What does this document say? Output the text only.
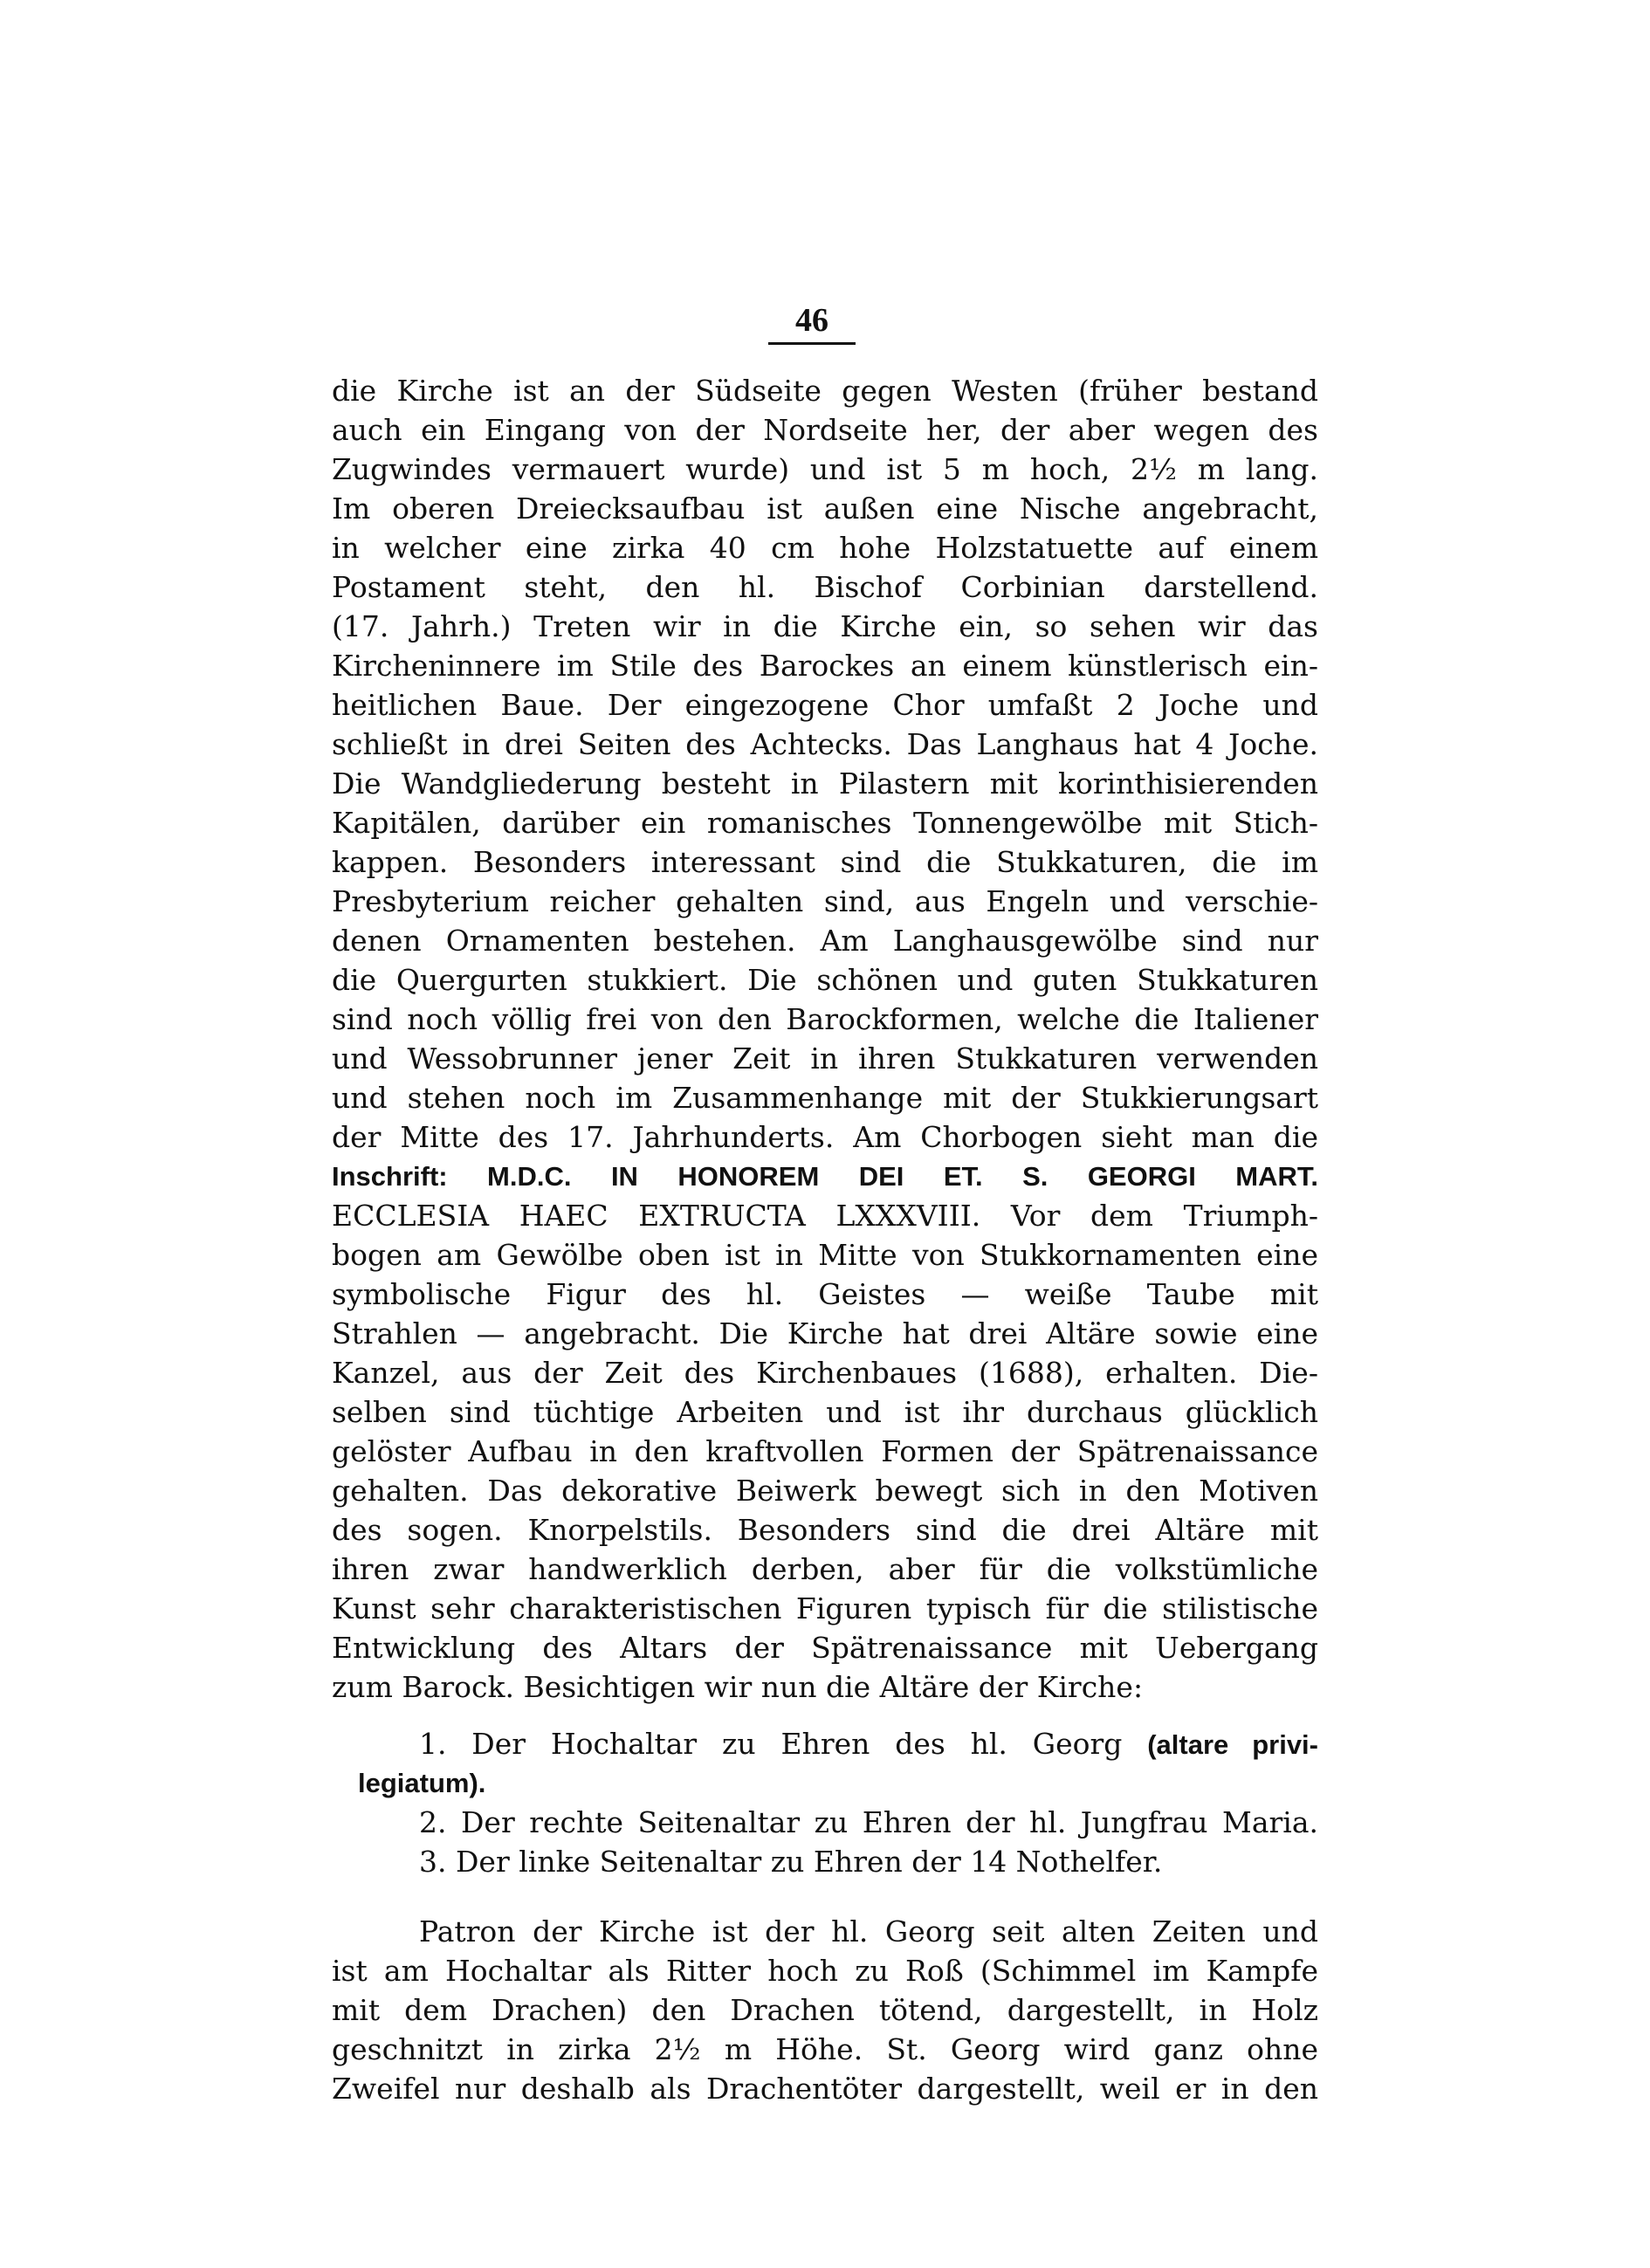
46
die Kirche ist an der Südseite gegen Westen (früher bestand
auch ein Eingang von der Nordseite her, der aber wegen des
Zugwindes vermauert wurde) und ist 5 m hoch, 2½ m lang.
Im oberen Dreiecksaufbau ist außen eine Nische angebracht,
in welcher eine zirka 40 cm hohe Holzstatuette auf einem
Postament steht, den hl. Bischof Corbinian darstellend.
(17. Jahrh.) Treten wir in die Kirche ein, so sehen wir das
Kircheninnere im Stile des Barockes an einem künstlerisch ein-
heitlichen Baue. Der eingezogene Chor umfaßt 2 Joche und
schließt in drei Seiten des Achtecks. Das Langhaus hat 4 Joche.
Die Wandgliederung besteht in Pilastern mit korinthisierenden
Kapitälen, darüber ein romanisches Tonnengewölbe mit Stich-
kappen. Besonders interessant sind die Stukkaturen, die im
Presbyterium reicher gehalten sind, aus Engeln und verschie-
denen Ornamenten bestehen. Am Langhausgewölbe sind nur
die Quergurten stukkiert. Die schönen und guten Stukkaturen
sind noch völlig frei von den Barockformen, welche die Italiener
und Wessobrunner jener Zeit in ihren Stukkaturen verwenden
und stehen noch im Zusammenhange mit der Stukkierungsart
der Mitte des 17. Jahrhunderts. Am Chorbogen sieht man die
Inschrift: M.D.C. IN HONOREM DEI ET. S. GEORGI MART.
ECCLESIA HAEC EXTRUCTA LXXXVIII. Vor dem Triumph-
bogen am Gewölbe oben ist in Mitte von Stukkornamenten eine
symbolische Figur des hl. Geistes — weiße Taube mit
Strahlen — angebracht. Die Kirche hat drei Altäre sowie eine
Kanzel, aus der Zeit des Kirchenbaues (1688), erhalten. Die-
selben sind tüchtige Arbeiten und ist ihr durchaus glücklich
gelöster Aufbau in den kraftvollen Formen der Spätrenaissance
gehalten. Das dekorative Beiwerk bewegt sich in den Motiven
des sogen. Knorpelstils. Besonders sind die drei Altäre mit
ihren zwar handwerklich derben, aber für die volkstümliche
Kunst sehr charakteristischen Figuren typisch für die stilistische
Entwicklung des Altars der Spätrenaissance mit Uebergang
zum Barock. Besichtigen wir nun die Altäre der Kirche:
1. Der Hochaltar zu Ehren des hl. Georg (altare privi-
legiatum).
2. Der rechte Seitenaltar zu Ehren der hl. Jungfrau Maria.
3. Der linke Seitenaltar zu Ehren der 14 Nothelfer.
Patron der Kirche ist der hl. Georg seit alten Zeiten und
ist am Hochaltar als Ritter hoch zu Roß (Schimmel im Kampfe
mit dem Drachen) den Drachen tötend, dargestellt, in Holz
geschnitzt in zirka 2½ m Höhe. St. Georg wird ganz ohne
Zweifel nur deshalb als Drachentöter dargestellt, weil er in den
